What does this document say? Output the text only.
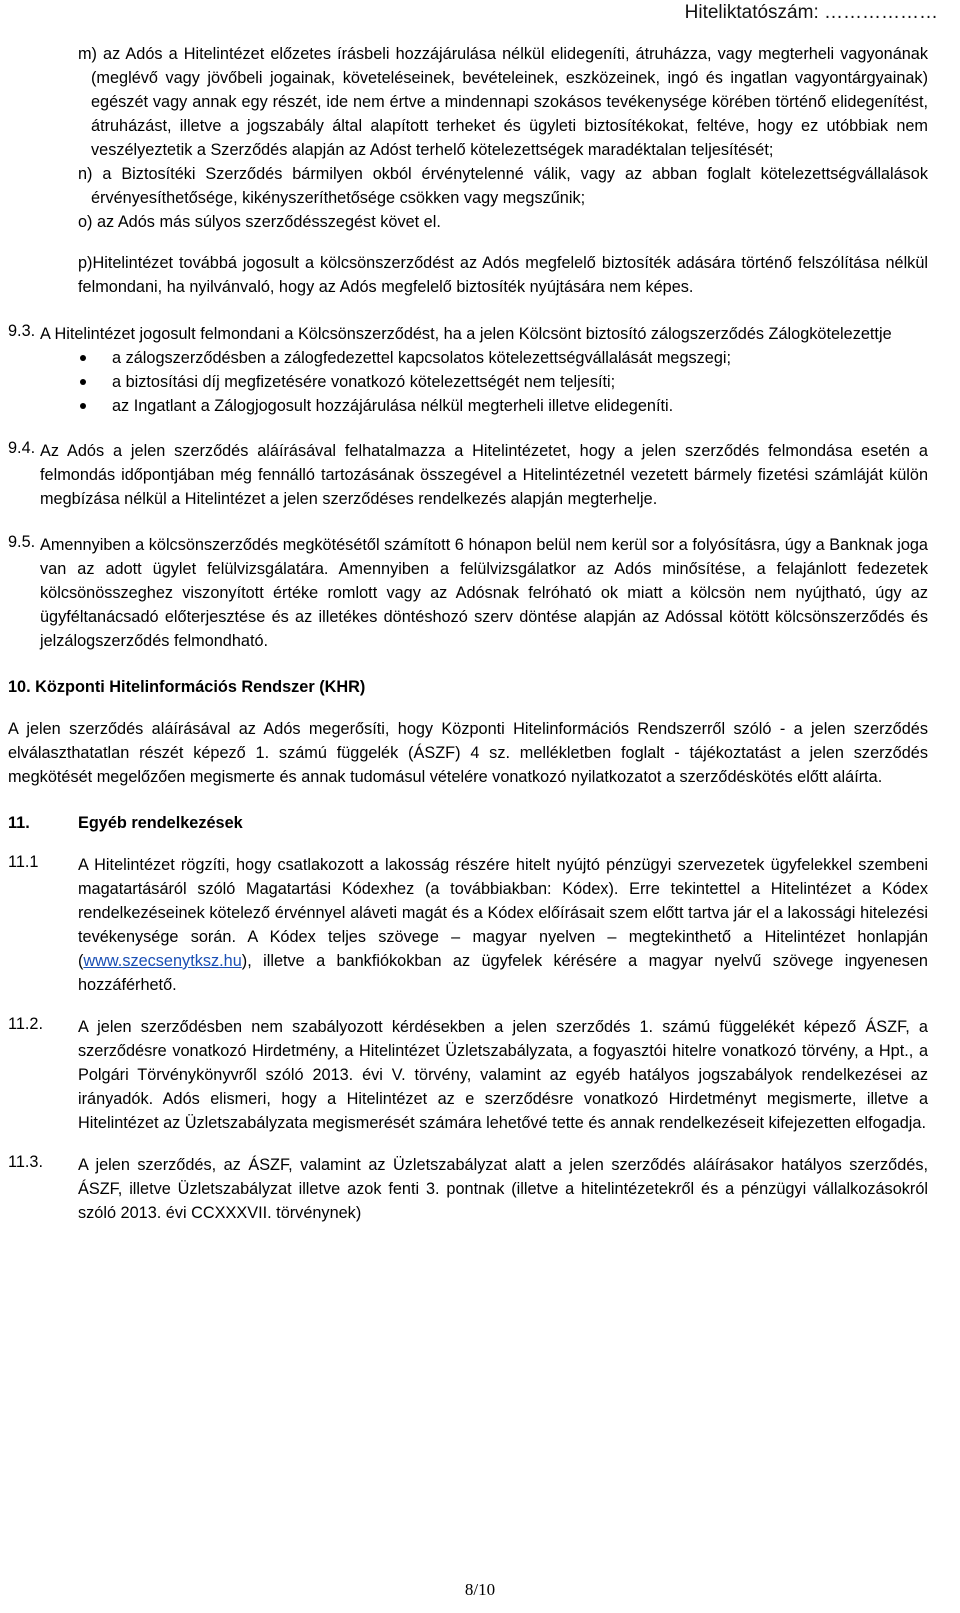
Hiteliktatószám: ………………

m) az Adós a Hitelintézet előzetes írásbeli hozzájárulása nélkül elidegeníti, átruházza, vagy megterheli vagyonának (meglévő vagy jövőbeli jogainak, követeléseinek, bevételeinek, eszközeinek, ingó és ingatlan vagyontárgyainak) egészét vagy annak egy részét, ide nem értve a mindennapi szokásos tevékenysége körében történő elidegenítést, átruházást, illetve a jogszabály által alapított terheket és ügyleti biztosítékokat, feltéve, hogy ez utóbbiak nem veszélyeztetik a Szerződés alapján az Adóst terhelő kötelezettségek maradéktalan teljesítését;

n) a Biztosítéki Szerződés bármilyen okból érvénytelenné válik, vagy az abban foglalt kötelezettségvállalások érvényesíthetősége, kikényszeríthetősége csökken vagy megszűnik;

o) az Adós más súlyos szerződésszegést követ el.

p)Hitelintézet továbbá jogosult a kölcsönszerződést az Adós megfelelő biztosíték adására történő felszólítása nélkül felmondani, ha nyilvánvaló, hogy az Adós megfelelő biztosíték nyújtására nem képes.

9.3. A Hitelintézet jogosult felmondani a Kölcsönszerződést, ha a jelen Kölcsönt biztosító zálogszerződés Zálogkötelezettje

a zálogszerződésben a zálogfedezettel kapcsolatos kötelezettségvállalását megszegi;
a biztosítási díj megfizetésére vonatkozó kötelezettségét nem teljesíti;
az Ingatlant a Zálogjogosult hozzájárulása nélkül megterheli illetve elidegeníti.
9.4. Az Adós a jelen szerződés aláírásával felhatalmazza a Hitelintézetet, hogy a jelen szerződés felmondása esetén a felmondás időpontjában még fennálló tartozásának összegével a Hitelintézetnél vezetett bármely fizetési számláját külön megbízása nélkül a Hitelintézet a jelen szerződéses rendelkezés alapján megterhelje.

9.5. Amennyiben a kölcsönszerződés megkötésétől számított 6 hónapon belül nem kerül sor a folyósításra, úgy a Banknak joga van az adott ügylet felülvizsgálatára. Amennyiben a felülvizsgálatkor az Adós minősítése, a felajánlott fedezetek kölcsönösszeghez viszonyított értéke romlott vagy az Adósnak felróható ok miatt a kölcsön nem nyújtható, úgy az ügyféltanácsadó előterjesztése és az illetékes döntéshozó szerv döntése alapján az Adóssal kötött kölcsönszerződés és jelzálogszerződés felmondható.

10. Központi Hitelinformációs Rendszer (KHR)

A jelen szerződés aláírásával az Adós megerősíti, hogy Központi Hitelinformációs Rendszerről szóló - a jelen szerződés elválaszthatatlan részét képező 1. számú függelék (ÁSZF) 4 sz. mellékletben foglalt - tájékoztatást a jelen szerződés megkötését megelőzően megismerte és annak tudomásul vételére vonatkozó nyilatkozatot a szerződéskötés előtt aláírta.

11.	Egyéb rendelkezések

11.1 A Hitelintézet rögzíti, hogy csatlakozott a lakosság részére hitelt nyújtó pénzügyi szervezetek ügyfelekkel szembeni magatartásáról szóló Magatartási Kódexhez (a továbbiakban: Kódex). Erre tekintettel a Hitelintézet a Kódex rendelkezéseinek kötelező érvénnyel aláveti magát és a Kódex előírásait szem előtt tartva jár el a lakossági hitelezési tevékenysége során. A Kódex teljes szövege – magyar nyelven – megtekinthető a Hitelintézet honlapján (www.szecsenytksz.hu), illetve a bankfiókokban az ügyfelek kérésére a magyar nyelvű szövege ingyenesen hozzáférhető.

11.2. A jelen szerződésben nem szabályozott kérdésekben a jelen szerződés 1. számú függelékét képező ÁSZF, a szerződésre vonatkozó Hirdetmény, a Hitelintézet Üzletszabályzata, a fogyasztói hitelre vonatkozó törvény, a Hpt., a Polgári Törvénykönyvről szóló 2013. évi V. törvény, valamint az egyéb hatályos jogszabályok rendelkezései az irányadók. Adós elismeri, hogy a Hitelintézet az e szerződésre vonatkozó Hirdetményt megismerte, illetve a Hitelintézet az Üzletszabályzata megismerését számára lehetővé tette és annak rendelkezéseit kifejezetten elfogadja.

11.3. A jelen szerződés, az ÁSZF, valamint az Üzletszabályzat alatt a jelen szerződés aláírásakor hatályos szerződés, ÁSZF, illetve Üzletszabályzat illetve azok fenti 3. pontnak (illetve a hitelintézetekről és a pénzügyi vállalkozásokról szóló 2013. évi CCXXXVII. törvénynek)

8/10
